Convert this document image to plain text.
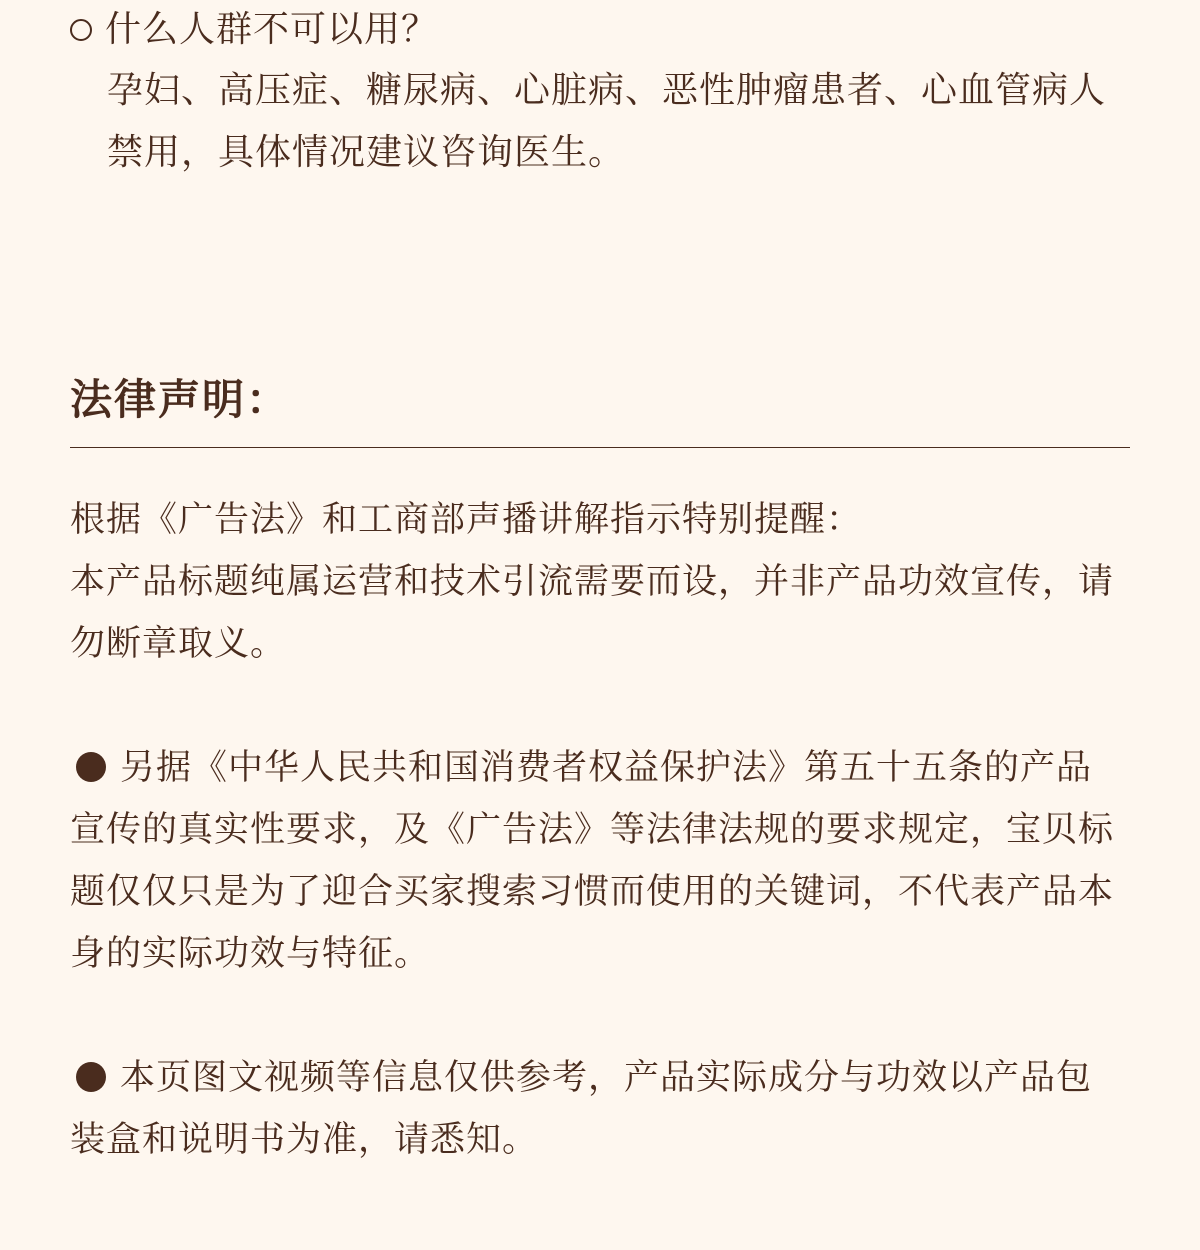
什么人群不可以用？
孕妇、高压症、糖尿病、心脏病、恶性肿瘤患者、心血管病人禁用，具体情况建议咨询医生。
法律声明：
根据《广告法》和工商部声播讲解指示特别提醒：
本产品标题纯属运营和技术引流需要而设，并非产品功效宣传，请勿断章取义。
另据《中华人民共和国消费者权益保护法》第五十五条的产品宣传的真实性要求，及《广告法》等法律法规的要求规定，宝贝标题仅仅只是为了迎合买家搜索习惯而使用的关键词，不代表产品本身的实际功效与特征。
本页图文视频等信息仅供参考，产品实际成分与功效以产品包装盒和说明书为准，请悉知。
